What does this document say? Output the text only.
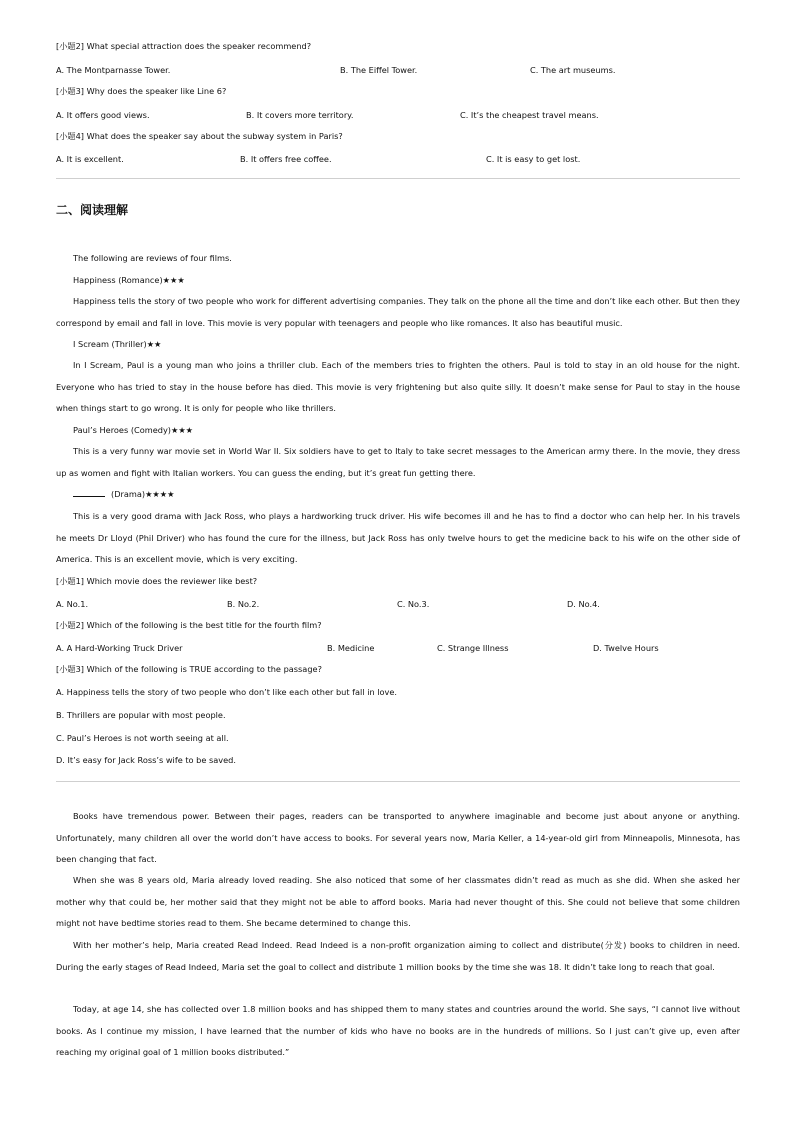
[小题2] What special attraction does the speaker recommend?
A. The Montparnasse Tower.	B. The Eiffel Tower.	C. The art museums.
[小题3] Why does the speaker like Line 6?
A. It offers good views.	B. It covers more territory.	C. It’s the cheapest travel means.
[小题4] What does the speaker say about the subway system in Paris?
A. It is excellent.	B. It offers free coffee.	C. It is easy to get lost.
二、阅读理解
The following are reviews of four films.
Happiness (Romance)★★★
Happiness tells the story of two people who work for different advertising companies. They talk on the phone all the time and don’t like each other. But then they correspond by email and fall in love. This movie is very popular with teenagers and people who like romances. It also has beautiful music.
I Scream (Thriller)★★
In I Scream, Paul is a young man who joins a thriller club. Each of the members tries to frighten the others. Paul is told to stay in an old house for the night. Everyone who has tried to stay in the house before has died. This movie is very frightening but also quite silly. It doesn’t make sense for Paul to stay in the house when things start to go wrong. It is only for people who like thrillers.
Paul’s Heroes (Comedy)★★★
This is a very funny war movie set in World War II. Six soldiers have to get to Italy to take secret messages to the American army there. In the movie, they dress up as women and fight with Italian workers. You can guess the ending, but it’s great fun getting there.
(Drama)★★★★
This is a very good drama with Jack Ross, who plays a hardworking truck driver. His wife becomes ill and he has to find a doctor who can help her. In his travels he meets Dr Lloyd (Phil Driver) who has found the cure for the illness, but Jack Ross has only twelve hours to get the medicine back to his wife on the other side of America. This is an excellent movie, which is very exciting.
[小题1] Which movie does the reviewer like best?
A. No.1.	B. No.2.	C. No.3.	D. No.4.
[小题2] Which of the following is the best title for the fourth film?
A. A Hard-Working Truck Driver	B. Medicine	C. Strange Illness	D. Twelve Hours
[小题3] Which of the following is TRUE according to the passage?
A. Happiness tells the story of two people who don’t like each other but fall in love.
B. Thrillers are popular with most people.
C. Paul’s Heroes is not worth seeing at all.
D. It’s easy for Jack Ross’s wife to be saved.
Books have tremendous power. Between their pages, readers can be transported to anywhere imaginable and become just about anyone or anything. Unfortunately, many children all over the world don’t have access to books. For several years now, Maria Keller, a 14-year-old girl from Minneapolis, Minnesota, has been changing that fact.
When she was 8 years old, Maria already loved reading. She also noticed that some of her classmates didn’t read as much as she did. When she asked her mother why that could be, her mother said that they might not be able to afford books. Maria had never thought of this. She could not believe that some children might not have bedtime stories read to them. She became determined to change this.
With her mother’s help, Maria created Read Indeed. Read Indeed is a non-profit organization aiming to collect and distribute(分发) books to children in need. During the early stages of Read Indeed, Maria set the goal to collect and distribute 1 million books by the time she was 18. It didn’t take long to reach that goal.
Today, at age 14, she has collected over 1.8 million books and has shipped them to many states and countries around the world. She says, “I cannot live without books. As I continue my mission, I have learned that the number of kids who have no books are in the hundreds of millions. So I just can’t give up, even after reaching my original goal of 1 million books distributed.”
